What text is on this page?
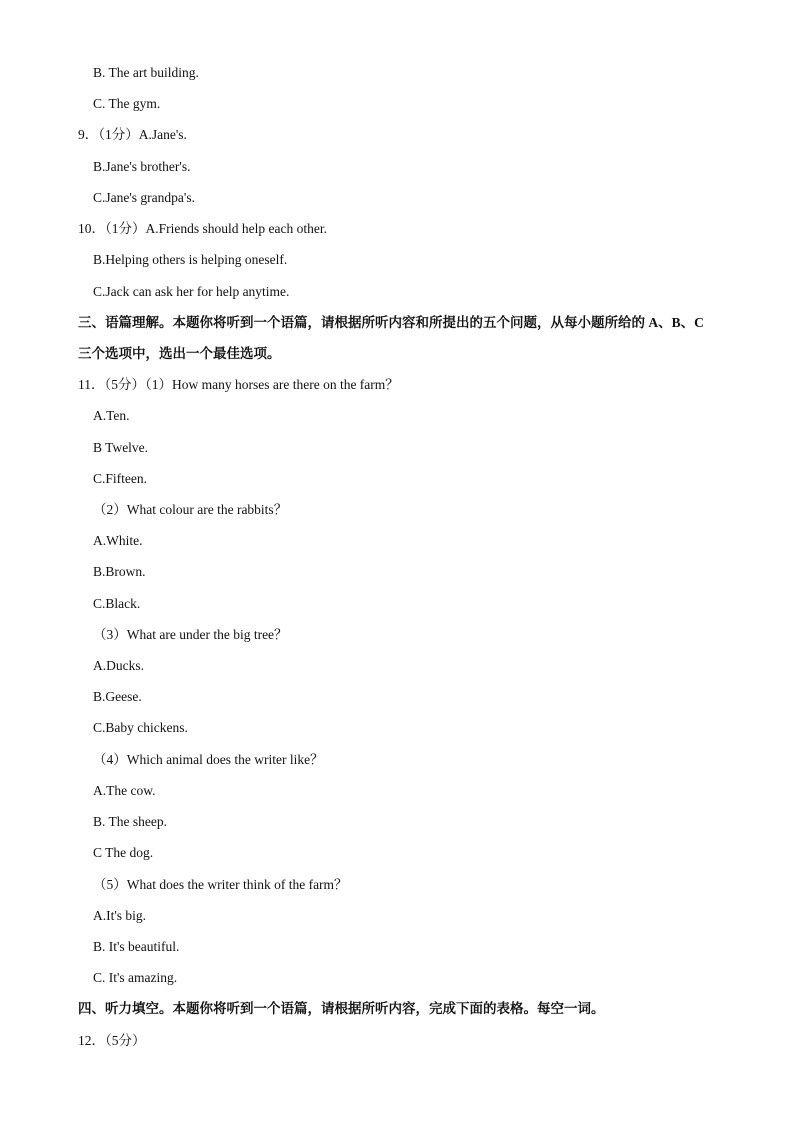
B. The art building.
C. The gym.
9．（1分）A.Jane's.
B.Jane's brother's.
C.Jane's grandpa's.
10．（1分）A.Friends should help each other.
B.Helping others is helping oneself.
C.Jack can ask her for help anytime.
三、语篇理解。本题你将听到一个语篇，请根据所听内容和所提出的五个问题，从每小题所给的 A、B、C
三个选项中，选出一个最佳选项。
11．（5分）（1）How many horses are there on the farm？
A.Ten.
B Twelve.
C.Fifteen.
（2）What colour are the rabbits？
A.White.
B.Brown.
C.Black.
（3）What are under the big tree？
A.Ducks.
B.Geese.
C.Baby chickens.
（4）Which animal does the writer like？
A.The cow.
B. The sheep.
C The dog.
（5）What does the writer think of the farm？
A.It's big.
B. It's beautiful.
C. It's amazing.
四、听力填空。本题你将听到一个语篇，请根据所听内容，完成下面的表格。每空一词。
12．（5分）
